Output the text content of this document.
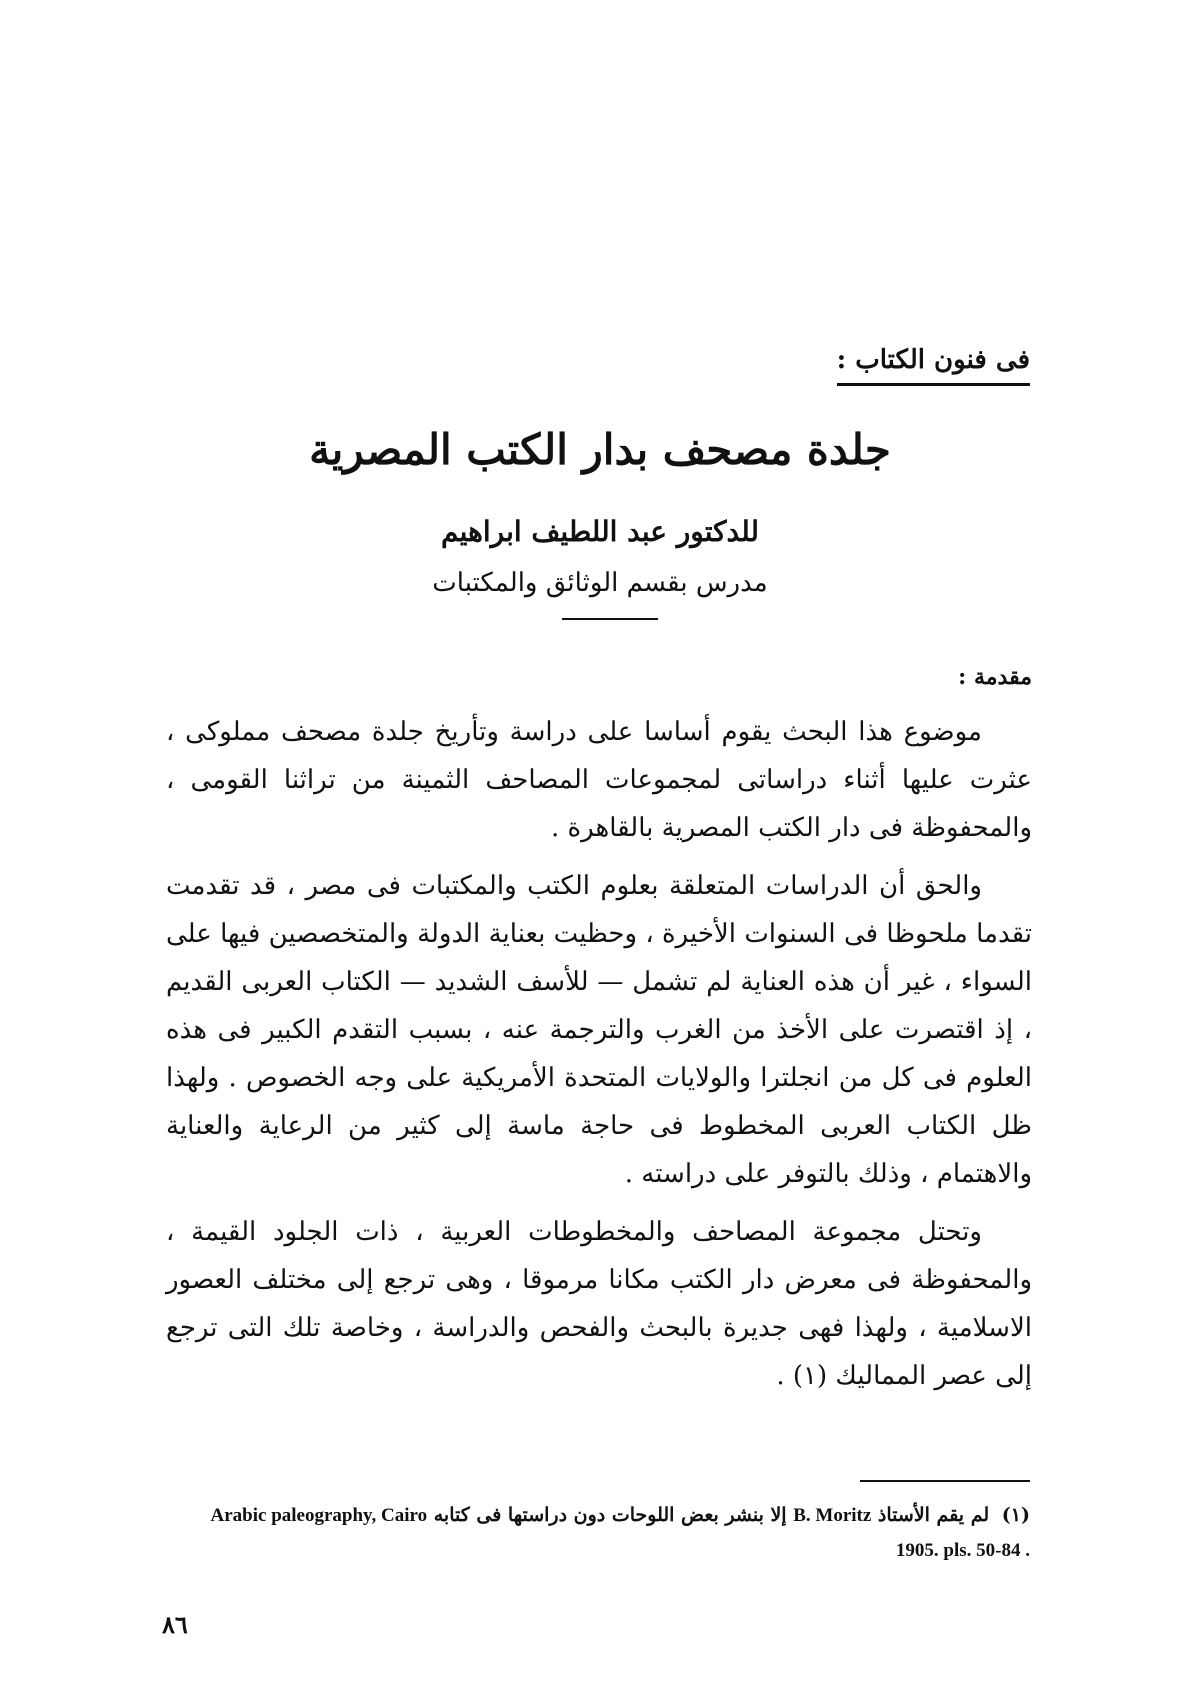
فى فنون الكتاب :
جلدة مصحف بدار الكتب المصرية
للدكتور عبد اللطيف ابراهيم
مدرس بقسم الوثائق والمكتبات
مقدمة :

موضوع هذا البحث يقوم أساسا على دراسة وتأريخ جلدة مصحف مملوكى ، عثرت عليها أثناء دراساتى لمجموعات المصاحف الثمينة من تراثنا القومى ، والمحفوظة فى دار الكتب المصرية بالقاهرة .

والحق أن الدراسات المتعلقة بعلوم الكتب والمكتبات فى مصر ، قد تقدمت تقدما ملحوظا فى السنوات الأخيرة ، وحظيت بعناية الدولة والمتخصصين فيها على السواء ، غير أن هذه العناية لم تشمل — للأسف الشديد — الكتاب العربى القديم ، إذ اقتصرت على الأخذ من الغرب والترجمة عنه ، بسبب التقدم الكبير فى هذه العلوم فى كل من انجلترا والولايات المتحدة الأمريكية على وجه الخصوص . ولهذا ظل الكتاب العربى المخطوط فى حاجة ماسة إلى كثير من الرعاية والعناية والاهتمام ، وذلك بالتوفر على دراسته .

وتحتل مجموعة المصاحف والمخطوطات العربية ، ذات الجلود القيمة ، والمحفوظة فى معرض دار الكتب مكانا مرموقا ، وهى ترجع إلى مختلف العصور الاسلامية ، ولهذا فهى جديرة بالبحث والفحص والدراسة ، وخاصة تلك التى ترجع إلى عصر المماليك (١) .

(١) لم يقم الأستاذ B. Moritz إلا بنشر بعض اللوحات دون دراستها فى كتابه Arabic paleography, Cairo 1905. pls. 50-84 .
٨٦
